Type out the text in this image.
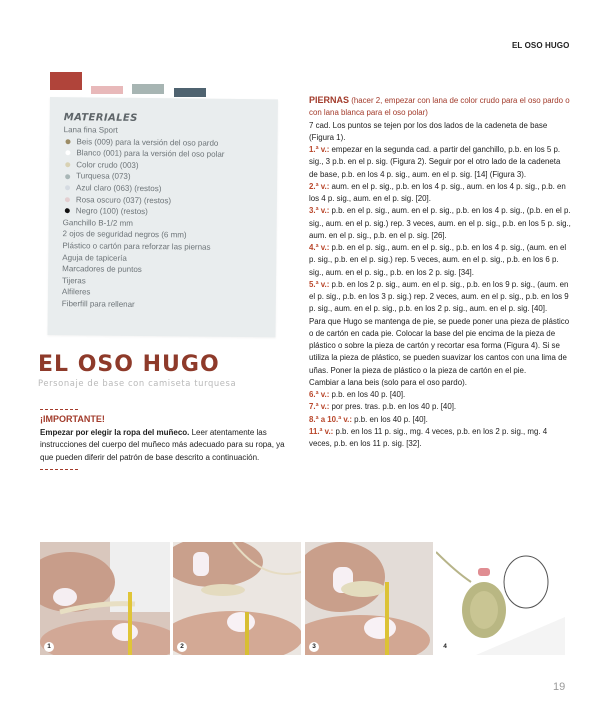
EL OSO HUGO
MATERIALES
Lana fina Sport
Beis (009) para la versión del oso pardo
Blanco (001) para la versión del oso polar
Color crudo (003)
Turquesa (073)
Azul claro (063) (restos)
Rosa oscuro (037) (restos)
Negro (100) (restos)
Ganchillo B-1/2 mm
2 ojos de seguridad negros (6 mm)
Plástico o cartón para reforzar las piernas
Aguja de tapicería
Marcadores de puntos
Tijeras
Alfileres
Fiberfill para rellenar
EL OSO HUGO
Personaje de base con camiseta turquesa
¡IMPORTANTE!
Empezar por elegir la ropa del muñeco. Leer atentamente las instrucciones del cuerpo del muñeco más adecuado para su ropa, ya que pueden diferir del patrón de base descrito a continuación.

PIERNAS (hacer 2, empezar con lana de color crudo para el oso pardo o con lana blanca para el oso polar)

7 cad. Los puntos se tejen por los dos lados de la cadeneta de base (Figura 1).

1.ª v.: empezar en la segunda cad. a partir del ganchillo, p.b. en los 5 p. sig., 3 p.b. en el p. sig. (Figura 2). Seguir por el otro lado de la cadeneta de base, p.b. en los 4 p. sig., aum. en el p. sig. [14] (Figura 3).

2.ª v.: aum. en el p. sig., p.b. en los 4 p. sig., aum. en los 4 p. sig., p.b. en los 4 p. sig., aum. en el p. sig. [20].

3.ª v.: p.b. en el p. sig., aum. en el p. sig., p.b. en los 4 p. sig., (p.b. en el p. sig., aum. en el p. sig.) rep. 3 veces, aum. en el p. sig., p.b. en los 5 p. sig., aum. en el p. sig., p.b. en el p. sig. [26].

4.ª v.: p.b. en el p. sig., aum. en el p. sig., p.b. en los 4 p. sig., (aum. en el p. sig., p.b. en el p. sig.) rep. 5 veces, aum. en el p. sig., p.b. en los 6 p. sig., aum. en el p. sig., p.b. en los 2 p. sig. [34].

5.ª v.: p.b. en los 2 p. sig., aum. en el p. sig., p.b. en los 9 p. sig., (aum. en el p. sig., p.b. en los 3 p. sig.) rep. 2 veces, aum. en el p. sig., p.b. en los 9 p. sig., aum. en el p. sig., p.b. en los 2 p. sig., aum. en el p. sig. [40].

Para que Hugo se mantenga de pie, se puede poner una pieza de plástico o de cartón en cada pie. Colocar la base del pie encima de la pieza de plástico o sobre la pieza de cartón y recortar esa forma (Figura 4). Si se utiliza la pieza de plástico, se pueden suavizar los cantos con una lima de uñas. Poner la pieza de plástico o la pieza de cartón en el pie.

Cambiar a lana beis (solo para el oso pardo).

6.ª v.: p.b. en los 40 p. [40].

7.ª v.: por pres. tras. p.b. en los 40 p. [40].

8.ª a 10.ª v.: p.b. en los 40 p. [40].

11.ª v.: p.b. en los 11 p. sig., mg. 4 veces, p.b. en los 2 p. sig., mg. 4 veces, p.b. en los 11 p. sig. [32].

1	2	3	4
19
